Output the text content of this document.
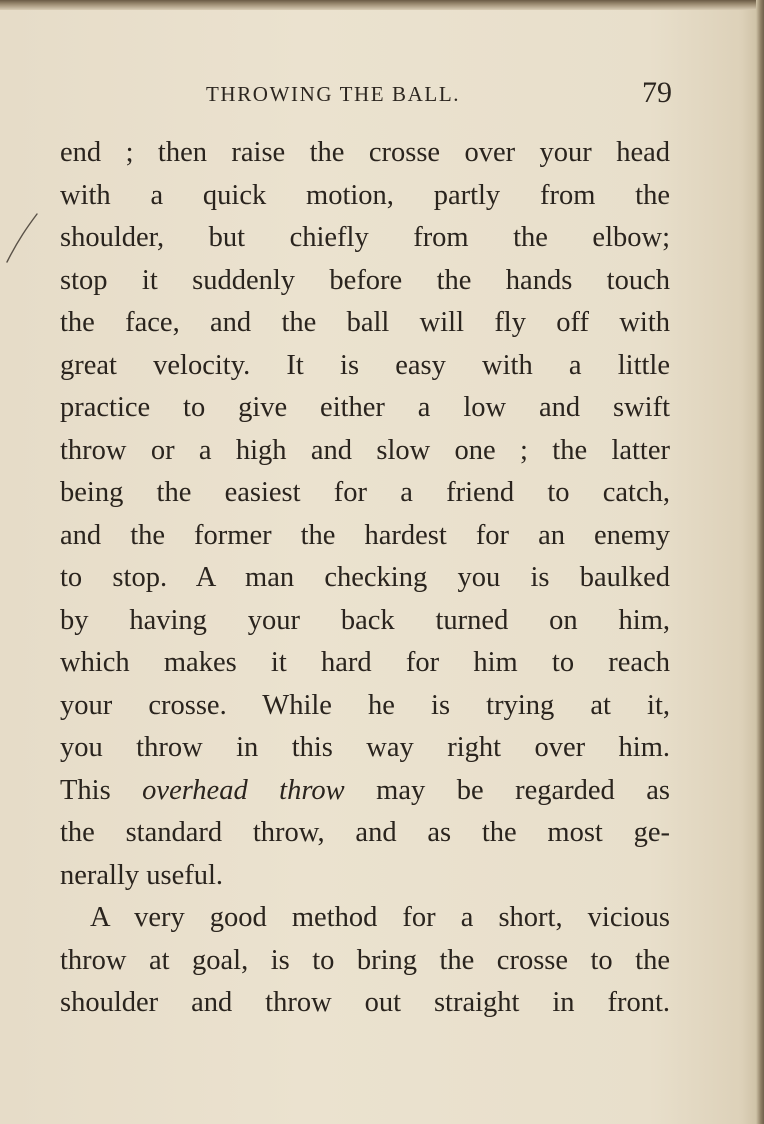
THROWING THE BALL.	79
end ; then raise the crosse over your head
with a quick motion, partly from the
shoulder, but chiefly from the elbow;
stop it suddenly before the hands touch
the face, and the ball will fly off with
great velocity. It is easy with a little
practice to give either a low and swift
throw or a high and slow one ; the latter
being the easiest for a friend to catch,
and the former the hardest for an enemy
to stop. A man checking you is baulked
by having your back turned on him,
which makes it hard for him to reach
your crosse. While he is trying at it,
you throw in this way right over him.
This overhead throw may be regarded as
the standard throw, and as the most ge-
nerally useful.
A very good method for a short, vicious
throw at goal, is to bring the crosse to the
shoulder and throw out straight in front.
